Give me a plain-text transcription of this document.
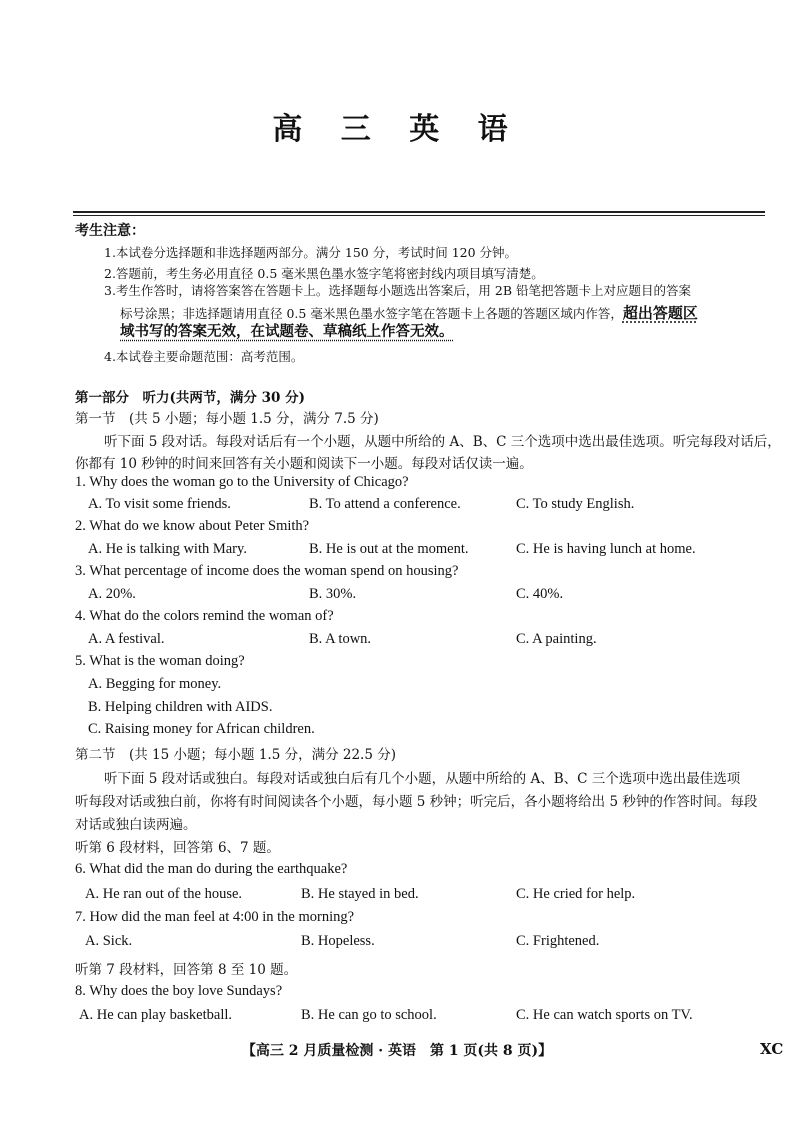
高 三 英 语
考生注意：
1.本试卷分选择题和非选择题两部分。满分 150 分，考试时间 120 分钟。
2.答题前，考生务必用直径 0.5 毫米黑色墨水签字笔将密封线内项目填写清楚。
3.考生作答时，请将答案答在答题卡上。选择题每小题选出答案后，用 2B 铅笔把答题卡上对应题目的答案
标号涂黑；非选择题请用直径 0.5 毫米黑色墨水签字笔在答题卡上各题的答题区域内作答，超出答题区
域书写的答案无效，在试题卷、草稿纸上作答无效。
4.本试卷主要命题范围：高考范围。
第一部分　听力(共两节，满分 30 分)
第一节　(共 5 小题；每小题 1.5 分，满分 7.5 分)
听下面 5 段对话。每段对话后有一个小题，从题中所给的 A、B、C 三个选项中选出最佳选项。听完每段对话后，
你都有 10 秒钟的时间来回答有关小题和阅读下一小题。每段对话仅读一遍。
1. Why does the woman go to the University of Chicago?
A. To visit some friends.	B. To attend a conference.	C. To study English.
2. What do we know about Peter Smith?
A. He is talking with Mary.	B. He is out at the moment.	C. He is having lunch at home.
3. What percentage of income does the woman spend on housing?
A. 20%.	B. 30%.	C. 40%.
4. What do the colors remind the woman of?
A. A festival.	B. A town.	C. A painting.
5. What is the woman doing?
A. Begging for money.
B. Helping children with AIDS.
C. Raising money for African children.
第二节　(共 15 小题；每小题 1.5 分，满分 22.5 分)
听下面 5 段对话或独白。每段对话或独白后有几个小题，从题中所给的 A、B、C 三个选项中选出最佳选项
听每段对话或独白前，你将有时间阅读各个小题，每小题 5 秒钟；听完后，各小题将给出 5 秒钟的作答时间。每段
对话或独白读两遍。
听第 6 段材料，回答第 6、7 题。
6. What did the man do during the earthquake?
A. He ran out of the house.	B. He stayed in bed.	C. He cried for help.
7. How did the man feel at 4:00 in the morning?
A. Sick.	B. Hopeless.	C. Frightened.
听第 7 段材料，回答第 8 至 10 题。
8. Why does the boy love Sundays?
A. He can play basketball.	B. He can go to school.	C. He can watch sports on TV.
【高三 2 月质量检测 · 英语　第 1 页(共 8 页)】	XC
